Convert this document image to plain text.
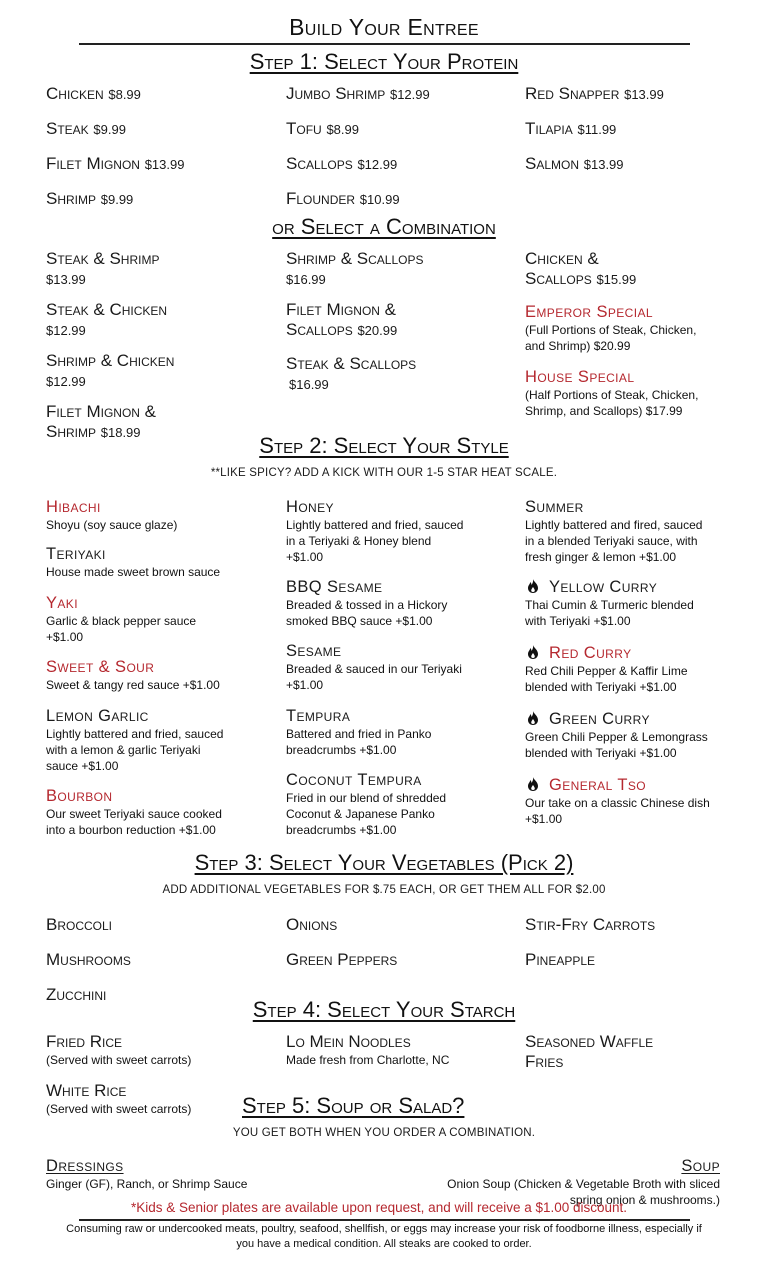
Build Your Entree
Step 1: Select Your Protein
Chicken $8.99
Steak $9.99
Filet Mignon $13.99
Shrimp $9.99
Jumbo Shrimp $12.99
Tofu $8.99
Scallops $12.99
Flounder $10.99
Red Snapper $13.99
Tilapia $11.99
Salmon $13.99
or Select a Combination
Steak & Shrimp
$13.99
Steak & Chicken
$12.99
Shrimp & Chicken
$12.99
Filet Mignon &
Shrimp $18.99
Shrimp & Scallops
$16.99
Filet Mignon &
Scallops $20.99
Steak & Scallops
$16.99
Chicken &
Scallops $15.99
Emperor Special
(Full Portions of Steak, Chicken,
and Shrimp) $20.99
House Special
(Half Portions of Steak, Chicken,
Shrimp, and Scallops) $17.99
Step 2: Select Your Style
**LIKE SPICY? ADD A KICK WITH OUR 1-5 STAR HEAT SCALE.
Hibachi
Shoyu (soy sauce glaze)
Teriyaki
House made sweet brown sauce
Yaki
Garlic & black pepper sauce
+$1.00
Sweet & Sour
Sweet & tangy red sauce +$1.00
Lemon Garlic
Lightly battered and fried, sauced
with a lemon & garlic Teriyaki
sauce +$1.00
Bourbon
Our sweet Teriyaki sauce cooked
into a bourbon reduction +$1.00
Honey
Lightly battered and fried, sauced
in a Teriyaki & Honey blend
+$1.00
BBQ Sesame
Breaded & tossed in a Hickory
smoked BBQ sauce +$1.00
Sesame
Breaded & sauced in our Teriyaki
+$1.00
Tempura
Battered and fried in Panko
breadcrumbs +$1.00
Coconut Tempura
Fried in our blend of shredded
Coconut & Japanese Panko
breadcrumbs +$1.00
Summer
Lightly battered and fired, sauced
in a blended Teriyaki sauce, with
fresh ginger & lemon +$1.00
Yellow Curry
Thai Cumin & Turmeric blended
with Teriyaki +$1.00
Red Curry
Red Chili Pepper & Kaffir Lime
blended with Teriyaki +$1.00
Green Curry
Green Chili Pepper & Lemongrass
blended with Teriyaki +$1.00
General Tso
Our take on a classic Chinese dish
+$1.00
Step 3: Select Your Vegetables (Pick 2)
ADD ADDITIONAL VEGETABLES FOR $.75 EACH, OR GET THEM ALL FOR $2.00
Broccoli
Mushrooms
Zucchini
Onions
Green Peppers
Stir-Fry Carrots
Pineapple
Step 4: Select Your Starch
Fried Rice
(Served with sweet carrots)
Lo Mein Noodles
Made fresh from Charlotte, NC
Seasoned Waffle
Fries
White Rice
(Served with sweet carrots)	Step 5: Soup or Salad?
YOU GET BOTH WHEN YOU ORDER A COMBINATION.
Dressings
Ginger (GF), Ranch, or Shrimp Sauce
Soup
Onion Soup (Chicken & Vegetable Broth with sliced
spring onion & mushrooms.)
*Kids & Senior plates are available upon request, and will receive a $1.00 discount.
Consuming raw or undercooked meats, poultry, seafood, shellfish, or eggs may increase your risk of foodborne illness, especially if
you have a medical condition. All steaks are cooked to order.
